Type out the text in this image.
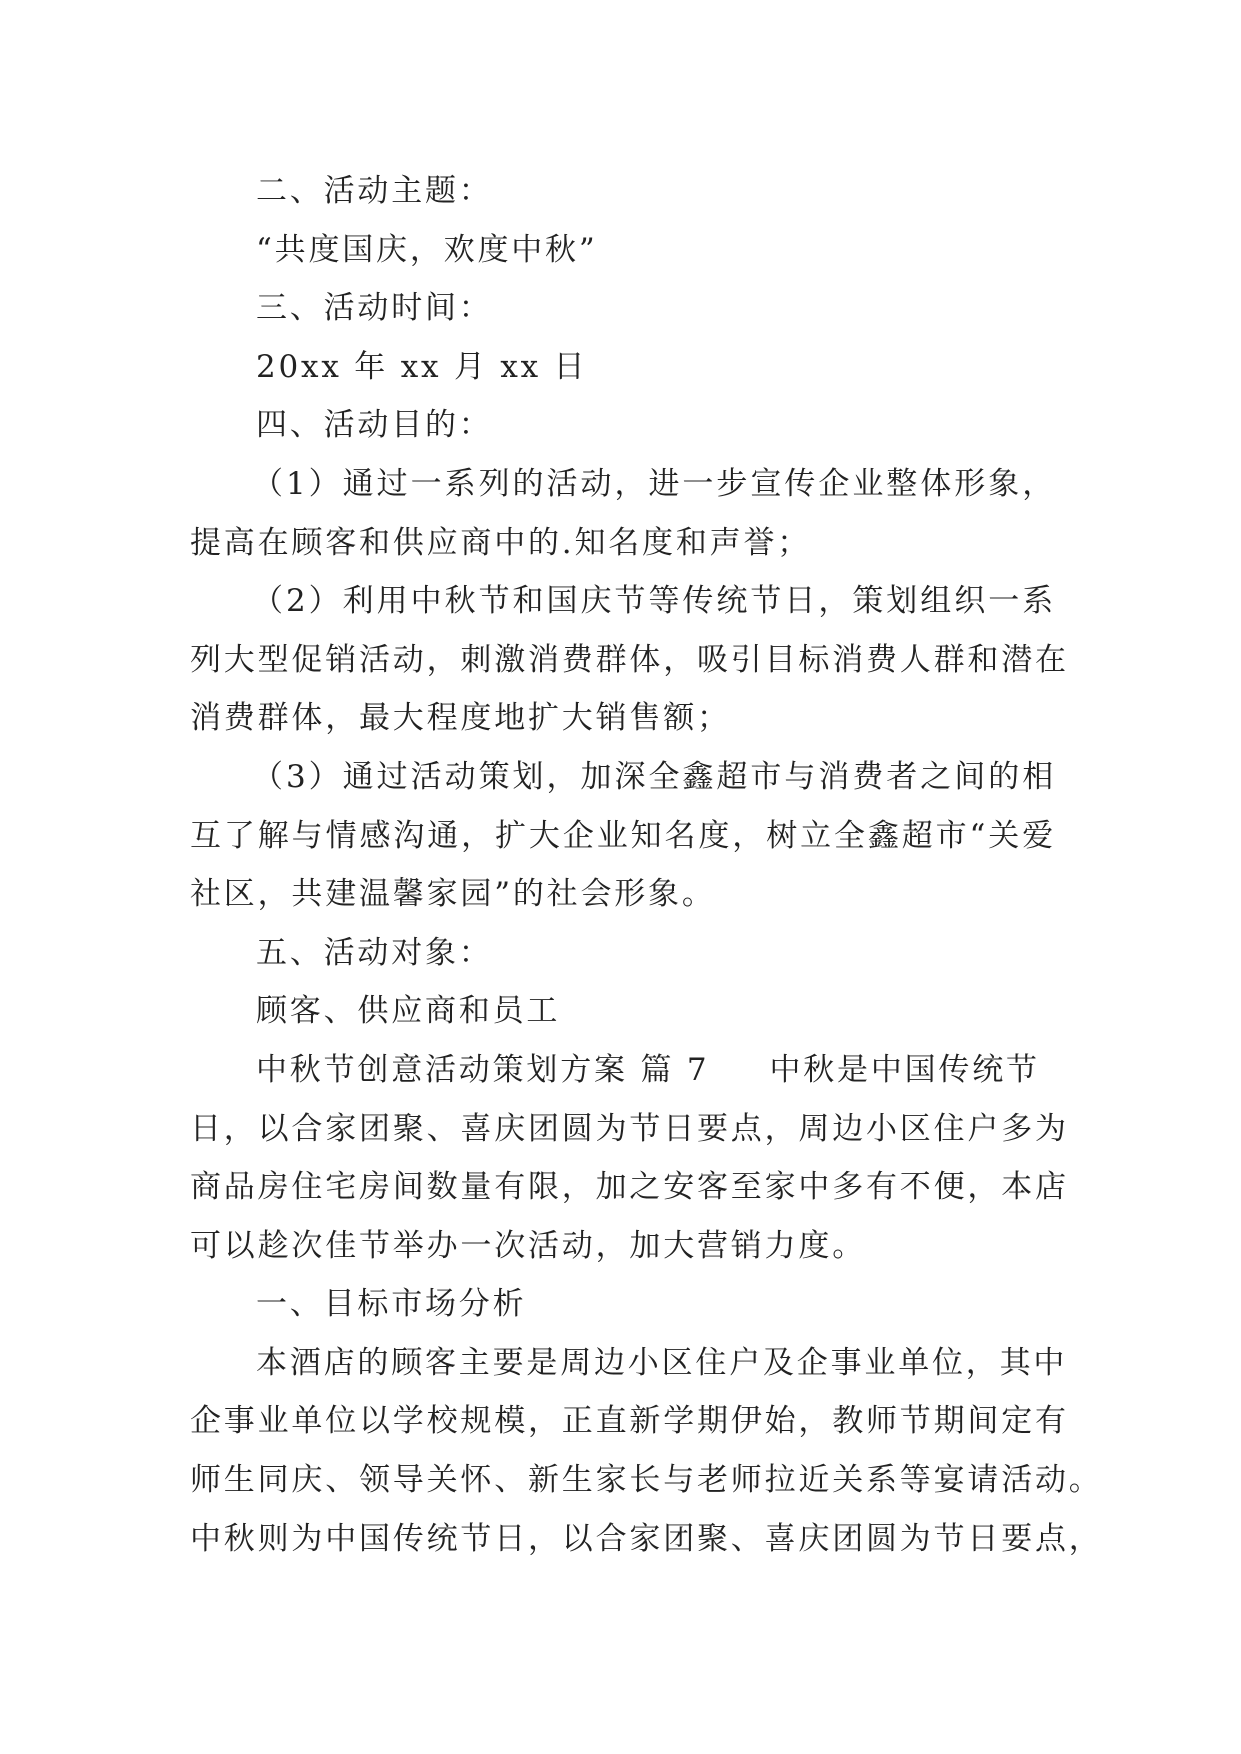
二、活动主题：
“共度国庆，欢度中秋”
三、活动时间：
20xx 年 xx 月 xx 日
四、活动目的：
（1）通过一系列的活动，进一步宣传企业整体形象，
提高在顾客和供应商中的.知名度和声誉；
（2）利用中秋节和国庆节等传统节日，策划组织一系
列大型促销活动，刺激消费群体，吸引目标消费人群和潜在
消费群体，最大程度地扩大销售额；
（3）通过活动策划，加深全鑫超市与消费者之间的相
互了解与情感沟通，扩大企业知名度，树立全鑫超市“关爱
社区，共建温馨家园”的社会形象。
五、活动对象：
顾客、供应商和员工
中秋节创意活动策划方案 篇 7 中秋是中国传统节
日，以合家团聚、喜庆团圆为节日要点，周边小区住户多为
商品房住宅房间数量有限，加之安客至家中多有不便，本店
可以趁次佳节举办一次活动，加大营销力度。
一、目标市场分析
本酒店的顾客主要是周边小区住户及企事业单位，其中
企事业单位以学校规模，正直新学期伊始，教师节期间定有
师生同庆、领导关怀、新生家长与老师拉近关系等宴请活动。
中秋则为中国传统节日，以合家团聚、喜庆团圆为节日要点，
